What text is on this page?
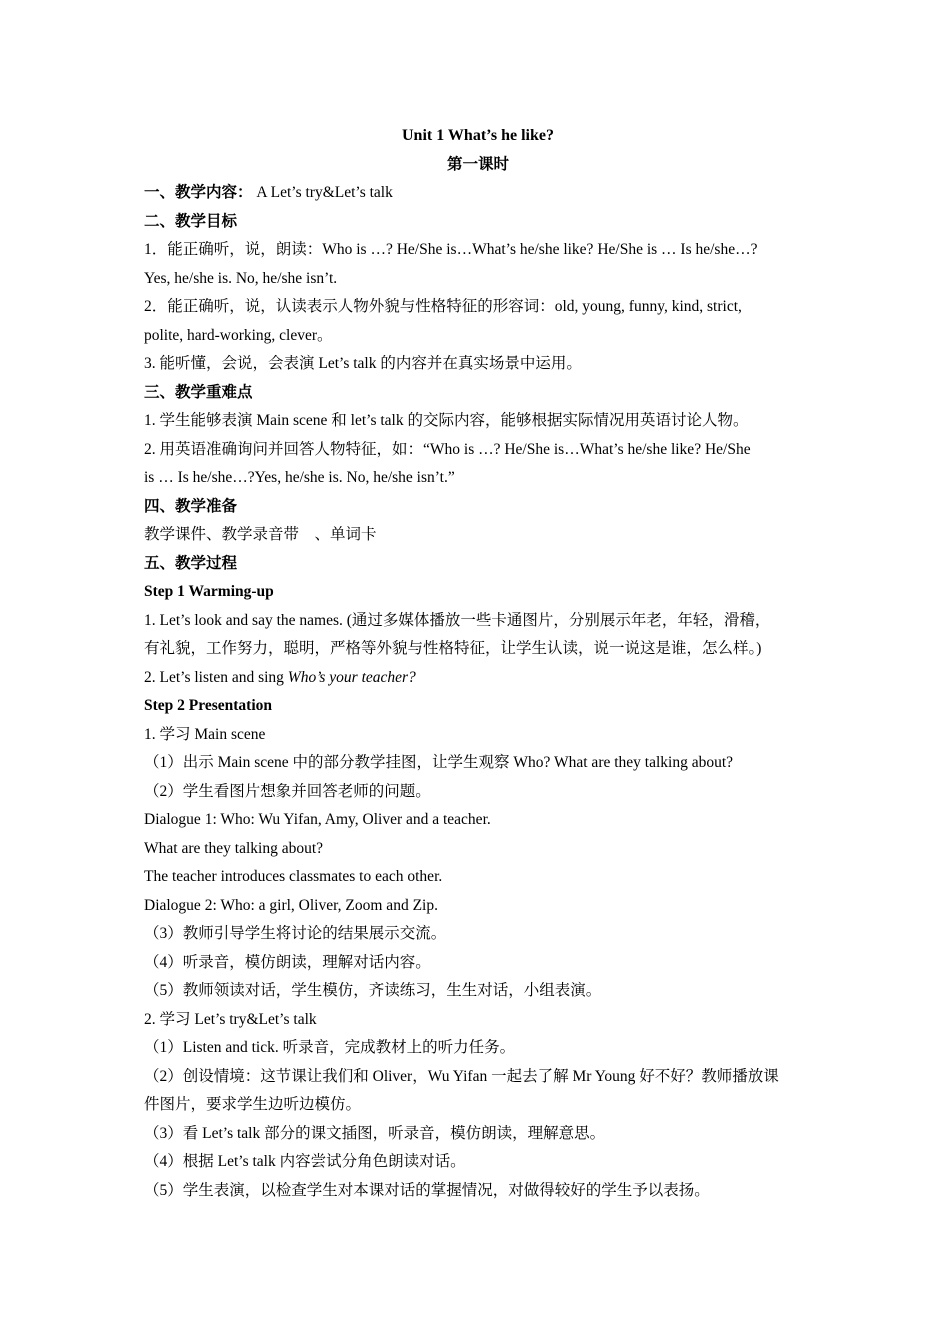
Unit 1 What’s he like?
第一课时
一、教学内容： A Let’s try&Let’s talk
二、教学目标
1．能正确听，说，朗读：Who is …? He/She is…What’s he/she like? He/She is … Is he/she…?
Yes, he/she is. No, he/she isn’t.
2．能正确听，说，认读表示人物外貌与性格特征的形容词：old, young, funny, kind, strict,
polite, hard-working, clever。
3. 能听懂，会说，会表演 Let’s talk 的内容并在真实场景中运用。
三、教学重难点
1. 学生能够表演 Main scene 和 let’s talk 的交际内容，能够根据实际情况用英语讨论人物。
2. 用英语准确询问并回答人物特征，如：“Who is …? He/She is…What’s he/she like? He/She
is … Is he/she…?Yes, he/she is. No, he/she isn’t.”
四、教学准备
教学课件、教学录音带    、单词卡
五、教学过程
Step 1 Warming-up
1. Let’s look and say the names. (通过多媒体播放一些卡通图片，分别展示年老，年轻，滑稽，
有礼貌，工作努力，聪明，严格等外貌与性格特征，让学生认读，说一说这是谁，怎么样。)
2. Let’s listen and sing Who’s your teacher?
Step 2 Presentation
1. 学习 Main scene
（1）出示 Main scene 中的部分教学挂图，让学生观察 Who? What are they talking about?
（2）学生看图片想象并回答老师的问题。
Dialogue 1: Who: Wu Yifan, Amy, Oliver and a teacher.
What are they talking about?
The teacher introduces classmates to each other.
Dialogue 2: Who: a girl, Oliver, Zoom and Zip.
（3）教师引导学生将讨论的结果展示交流。
（4）听录音，模仿朗读，理解对话内容。
（5）教师领读对话，学生模仿，齐读练习，生生对话，小组表演。
2. 学习 Let’s try&Let’s talk
（1）Listen and tick. 听录音，完成教材上的听力任务。
（2）创设情境：这节课让我们和 Oliver，Wu Yifan 一起去了解 Mr Young 好不好？教师播放课
件图片，要求学生边听边模仿。
（3）看 Let’s talk 部分的课文插图，听录音，模仿朗读，理解意思。
（4）根据 Let’s talk 内容尝试分角色朗读对话。
（5）学生表演，以检查学生对本课对话的掌握情况，对做得较好的学生予以表扬。
